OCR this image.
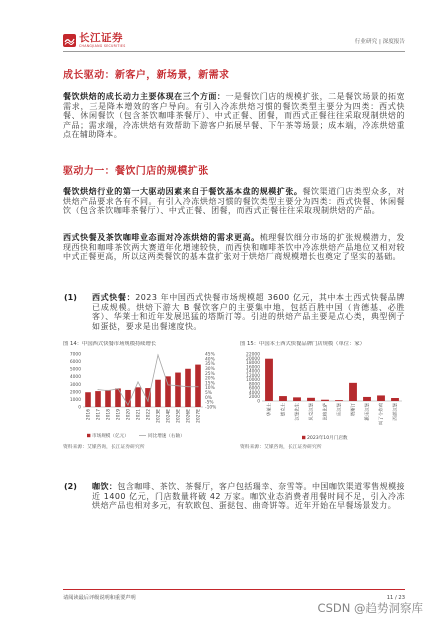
长江证券
CHANGJIANG SECURITIES
行业研究 | 深度报告
成长驱动：新客户，新场景，新需求
餐饮烘焙的成长动力主要体现在三个方面：一是餐饮门店的规模扩张，二是餐饮场景的拓宽需求，三是降本增效的客户导向。有引入冷冻烘焙习惯的餐饮类型主要分为四类：西式快餐、休闲餐饮（包含茶饮咖啡茶餐厅）、中式正餐、团餐，而西式正餐往往采取现制烘焙的产品；需求端，冷冻烘焙有效帮助下游客户拓展早餐、下午茶等场景；成本端，冷冻烘焙重点在辅助降本。
驱动力一：餐饮门店的规模扩张
餐饮烘焙行业的第一大驱动因素来自于餐饮基本盘的规模扩张。餐饮渠道门店类型众多，对烘焙产品要求各有不同。有引入冷冻烘焙习惯的餐饮类型主要分为四类：西式快餐、休闲餐饮（包含茶饮咖啡茶餐厅）、中式正餐、团餐，而西式正餐往往采取现制烘焙的产品。
西式快餐及茶饮咖啡业态面对冷冻烘焙的需求更高。梳理餐饮细分市场的扩张规模潜力，发现西快和咖啡茶饮两大赛道年化增速较快，而西快和咖啡茶饮中冷冻烘焙产品地位又相对较中式正餐更高，所以这两类餐饮的基本盘扩张对于烘焙厂商规模增长也奠定了坚实的基础。
(1)	西式快餐：2023 年中国西式快餐市场规模超 3600 亿元，其中本土西式快餐品牌已成规模。烘焙下游大 B 餐饮客户的主要集中地，包括百胜中国（肯德基、必胜客）、华莱士和近年发展迅猛的塔斯汀等。引进的烘焙产品主要是点心类，典型例子如蛋挞，要求是出餐速度快。
图 14：中国西式快餐市场规模持续增长
0
1000
2000
3000
4000
5000
6000
7000
2016 2017 2018 2019 2020 2021 2022 2023E 2024E 2025E 2026E 2027E
市场规模（亿元）
45%
40%
35%
30%
25%
20%
15%
10%
5%
0%
-5%
-10%
同比增速（右轴）
资料来源：艾媒咨询，长江证券研究所
图 15：中国本土西式快餐品牌门店规模（单位：家）
0
2000
4000
6000
8000
10000
12000
14000
16000
18000
20000
22000
华莱士	德克士	汉堡先生	贝克汉堡	比格比萨	乐汉堡	塔斯汀	派乐汉堡	叫了个炸鸡	西部汉堡
2023年10月门店数
资料来源：艾媒咨询，长江证券研究所
(2)	咖饮：包含咖啡、茶饮、茶餐厅，客户包括瑞幸、奈雪等。中国咖饮渠道零售规模接近 1400 亿元，门店数量将破 42 万家。咖饮业态消费者用餐时间不足，引入冷冻烘焙产品也相对多元，有软欧包、蛋挞包、曲奇饼等。近年开始在早餐场景发力。
请阅读最后评级说明和重要声明	11 / 23
CSDN @趋势洞察库
